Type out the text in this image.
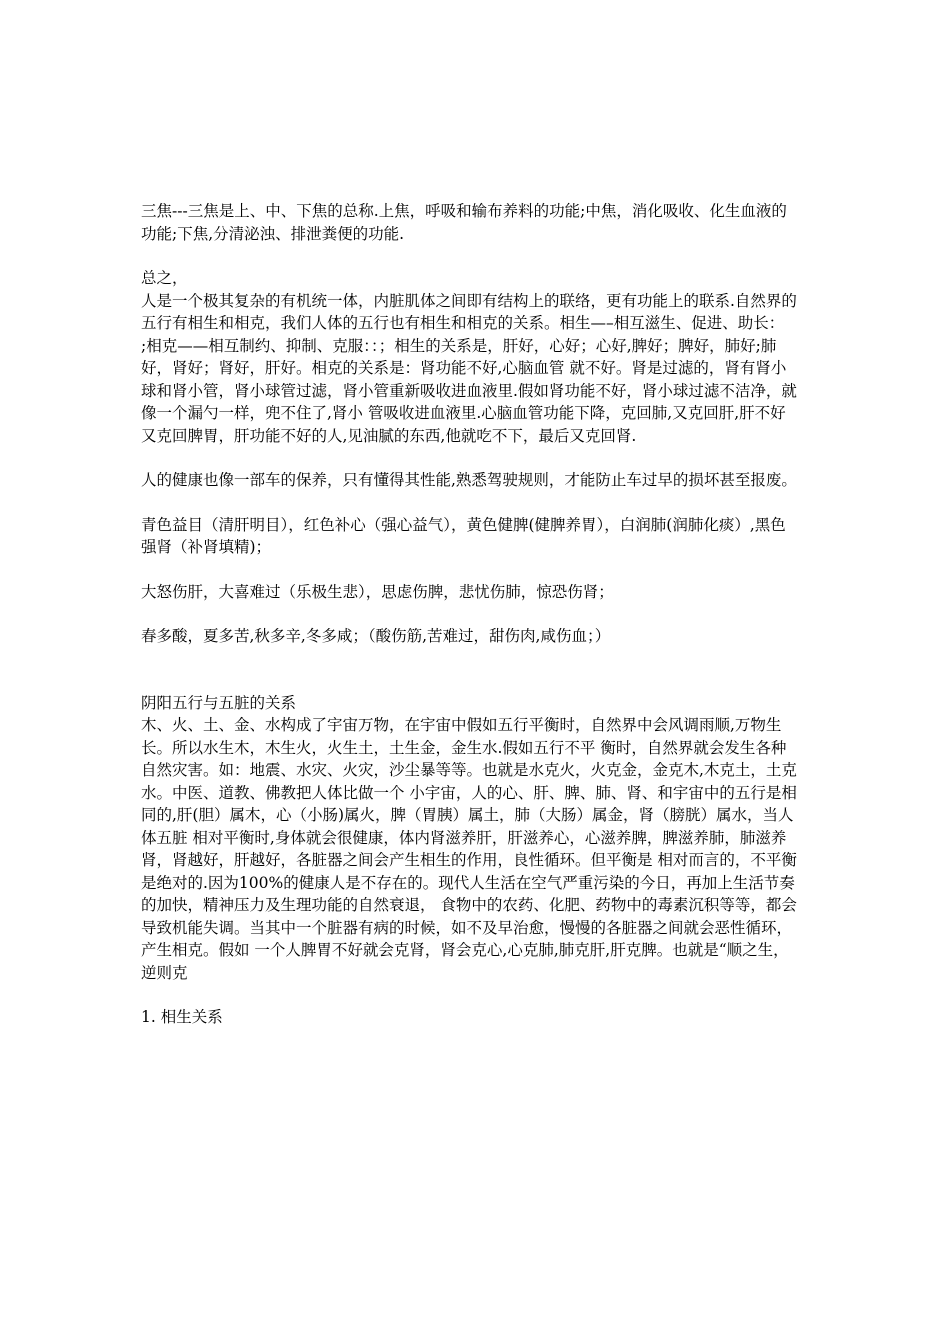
三焦---三焦是上、中、下焦的总称.上焦，呼吸和输布养料的功能;中焦，消化吸收、化生血液的功能;下焦,分清泌浊、排泄粪便的功能.

总之，

人是一个极其复杂的有机统一体，内脏肌体之间即有结构上的联络，更有功能上的联系.自然界的五行有相生和相克，我们人体的五行也有相生和相克的关系。相生—–相互滋生、促进、助长：

;相克——相互制约、抑制、克服：：；相生的关系是，肝好，心好；心好,脾好；脾好，肺好;肺好，肾好；肾好，肝好。相克的关系是：肾功能不好,心脑血管 就不好。肾是过滤的，肾有肾小球和肾小管，肾小球管过滤，肾小管重新吸收进血液里.假如肾功能不好，肾小球过滤不洁净，就像一个漏勺一样，兜不住了,肾小 管吸收进血液里.心脑血管功能下降，克回肺,又克回肝,肝不好又克回脾胃，肝功能不好的人,见油腻的东西,他就吃不下，最后又克回肾.

人的健康也像一部车的保养，只有懂得其性能,熟悉驾驶规则，才能防止车过早的损坏甚至报废。

青色益目（清肝明目），红色补心（强心益气），黄色健脾(健脾养胃），白润肺(润肺化痰）,黑色强肾（补肾填精)；

大怒伤肝，大喜难过（乐极生悲），思虑伤脾，悲忧伤肺，惊恐伤肾；

春多酸，夏多苦,秋多辛,冬多咸；（酸伤筋,苦难过，甜伤肉,咸伤血；）

阴阳五行与五脏的关系

木、火、土、金、水构成了宇宙万物，在宇宙中假如五行平衡时，自然界中会风调雨顺,万物生长。所以水生木，木生火，火生土，土生金，金生水.假如五行不平 衡时，自然界就会发生各种自然灾害。如：地震、水灾、火灾，沙尘暴等等。也就是水克火，火克金，金克木,木克土，土克水。中医、道教、佛教把人体比做一个 小宇宙，人的心、肝、脾、肺、肾、和宇宙中的五行是相同的,肝(胆）属木，心（小肠)属火，脾（胃胰）属土，肺（大肠）属金，肾（膀胱）属水，当人体五脏 相对平衡时,身体就会很健康，体内肾滋养肝，肝滋养心，心滋养脾，脾滋养肺，肺滋养肾，肾越好，肝越好，各脏器之间会产生相生的作用，良性循环。但平衡是 相对而言的，不平衡是绝对的.因为100%的健康人是不存在的。现代人生活在空气严重污染的今日，再加上生活节奏的加快，精神压力及生理功能的自然衰退， 食物中的农药、化肥、药物中的毒素沉积等等，都会导致机能失调。当其中一个脏器有病的时候，如不及早治愈，慢慢的各脏器之间就会恶性循环，产生相克。假如 一个人脾胃不好就会克肾，肾会克心,心克肺,肺克肝,肝克脾。也就是“顺之生，逆则克

1. 相生关系
